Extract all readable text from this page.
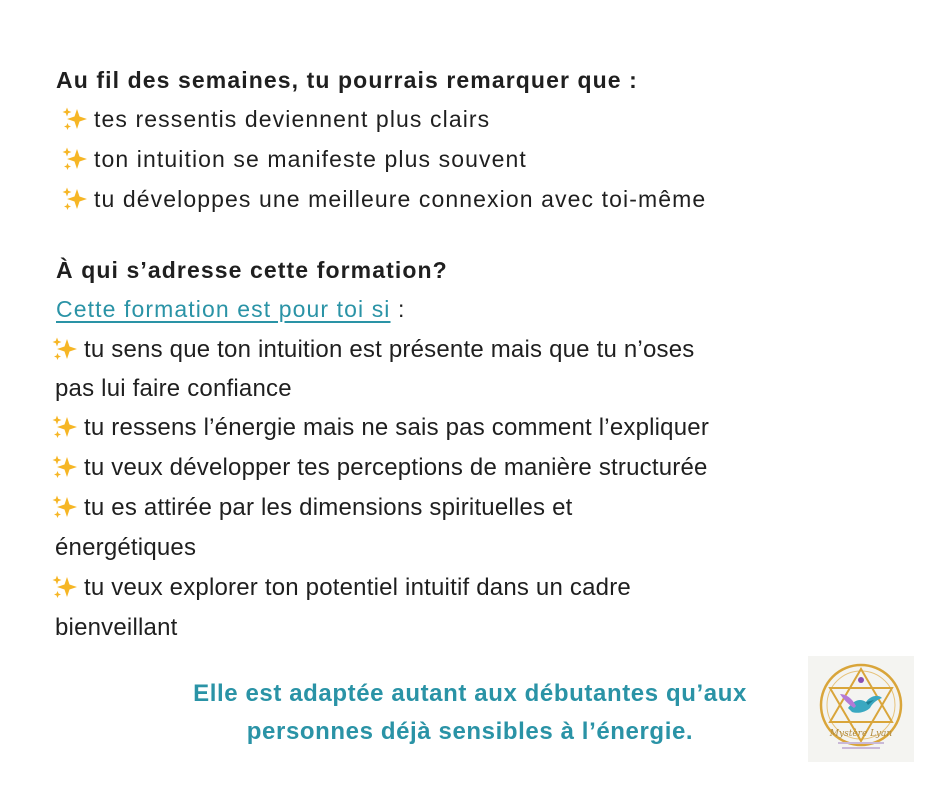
Au fil des semaines, tu pourrais remarquer que :
tes ressentis deviennent plus clairs
ton intuition se manifeste plus souvent
tu développes une meilleure connexion avec toi-même
À qui s’adresse cette formation?
Cette formation est pour toi si :
tu sens que ton intuition est présente mais que tu n’oses
pas lui faire confiance
tu ressens l’énergie mais ne sais pas comment l’expliquer
tu veux développer tes perceptions de manière structurée
tu es attirée par les dimensions spirituelles et
énergétiques
tu veux explorer ton potentiel intuitif dans un cadre
bienveillant
Elle est adaptée autant aux débutantes qu’aux
personnes déjà sensibles à l’énergie.	Mystère Lyan
